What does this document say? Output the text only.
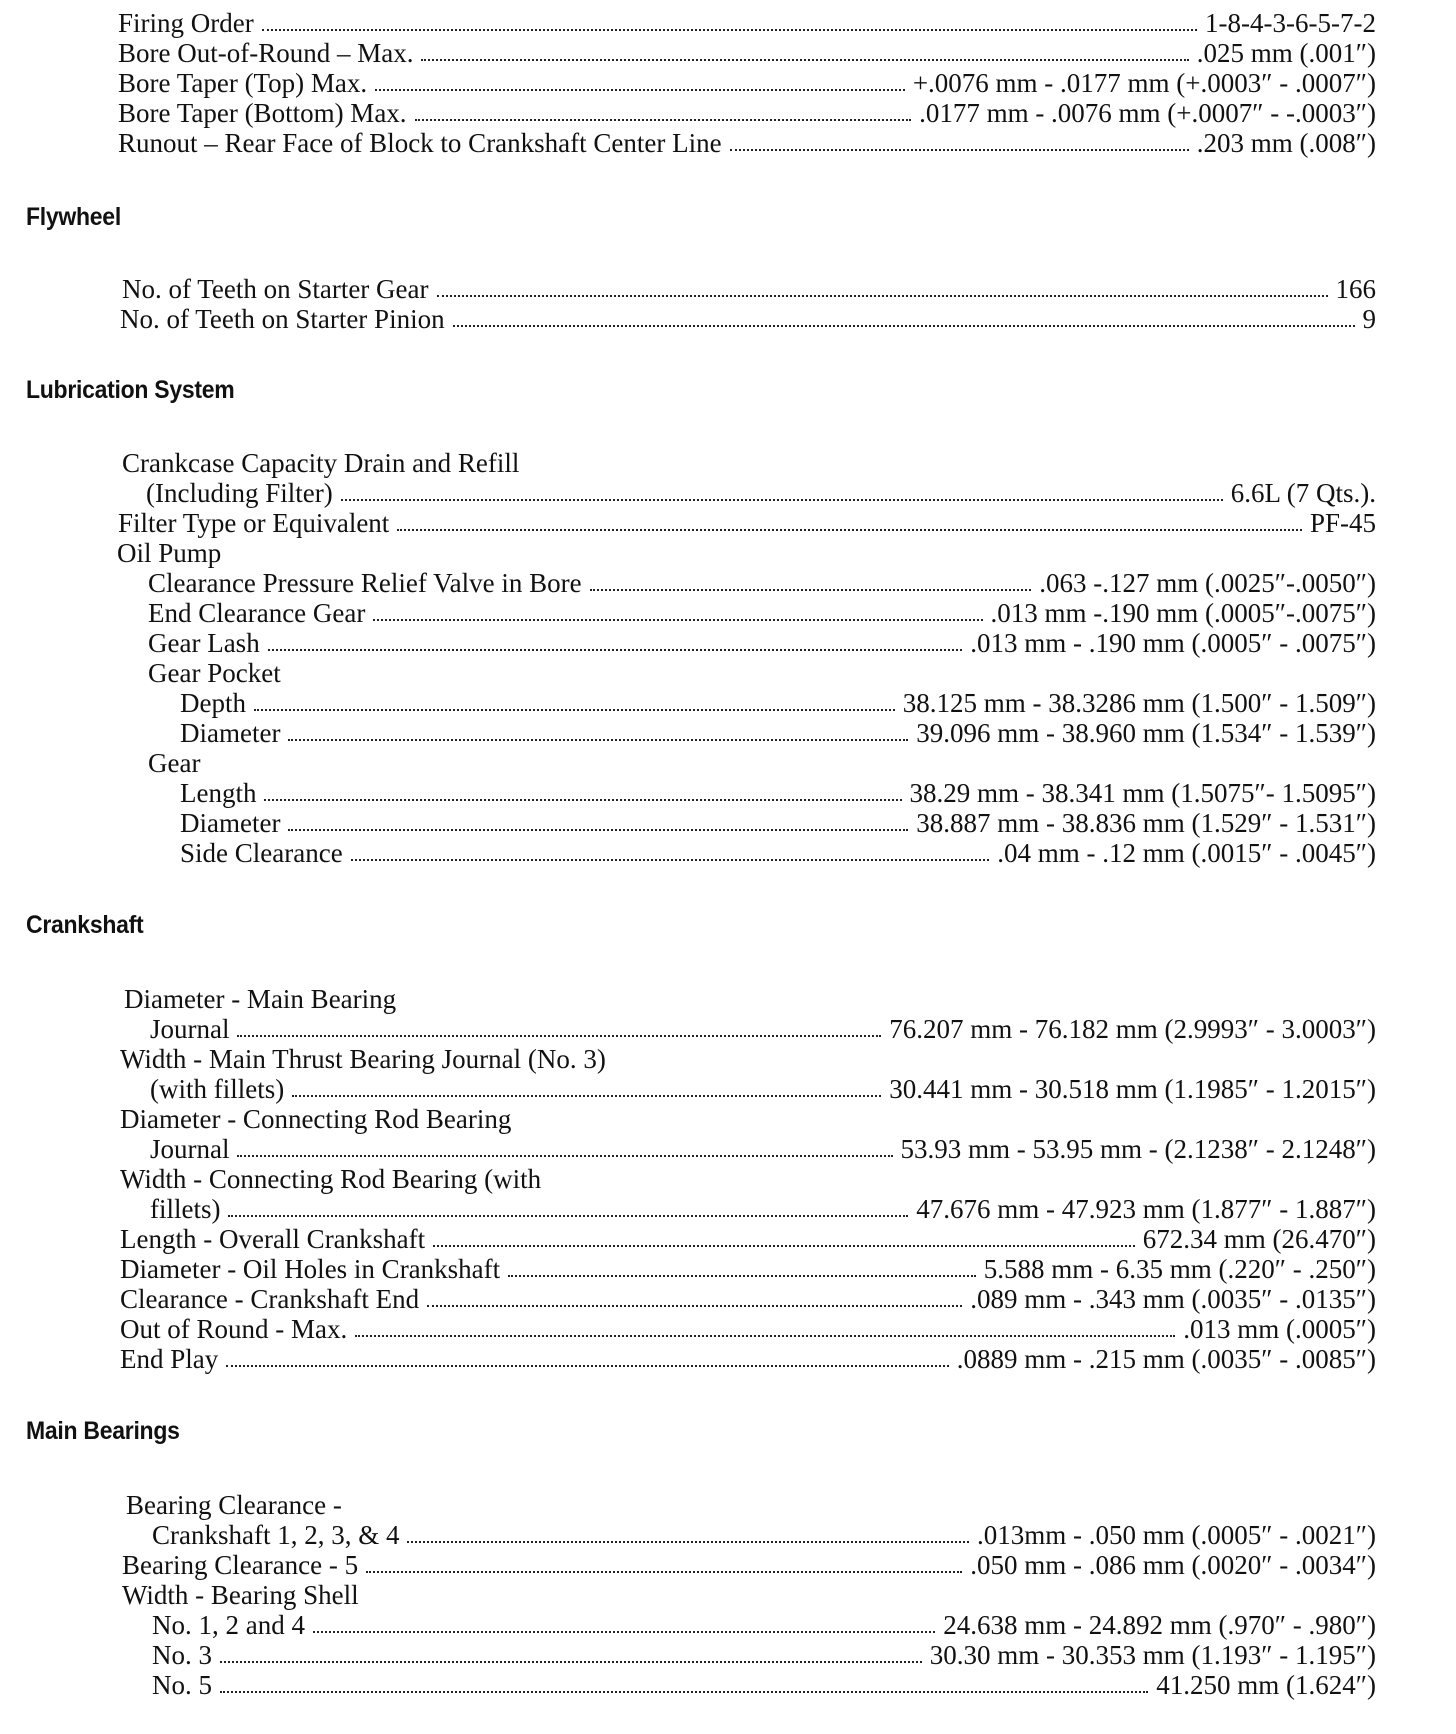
Firing Order	1-8-4-3-6-5-7-2
Bore Out-of-Round – Max.	.025 mm (.001″)
Bore Taper (Top) Max.	+.0076 mm - .0177 mm (+.0003″ - .0007″)
Bore Taper (Bottom) Max.	.0177 mm - .0076 mm (+.0007″ - -.0003″)
Runout – Rear Face of Block to Crankshaft Center Line	.203 mm (.008″)
Flywheel
No. of Teeth on Starter Gear	166
No. of Teeth on Starter Pinion	9
Lubrication System
Crankcase Capacity Drain and Refill
(Including Filter)	6.6L (7 Qts.).
Filter Type or Equivalent	PF-45
Oil Pump
Clearance Pressure Relief Valve in Bore	.063 -.127 mm (.0025″-.0050″)
End Clearance Gear	.013 mm -.190 mm (.0005″-.0075″)
Gear Lash	.013 mm - .190 mm (.0005″ - .0075″)
Gear Pocket
Depth	38.125 mm - 38.3286 mm (1.500″ - 1.509″)
Diameter	39.096 mm - 38.960 mm (1.534″ - 1.539″)
Gear
Length	38.29 mm - 38.341 mm (1.5075″- 1.5095″)
Diameter	38.887 mm - 38.836 mm (1.529″ - 1.531″)
Side Clearance	.04 mm - .12 mm (.0015″ - .0045″)
Crankshaft
Diameter - Main Bearing
Journal	76.207 mm - 76.182 mm (2.9993″ - 3.0003″)
Width - Main Thrust Bearing Journal (No. 3)
(with fillets)	30.441 mm - 30.518 mm (1.1985″ - 1.2015″)
Diameter - Connecting Rod Bearing
Journal	53.93 mm - 53.95 mm - (2.1238″ - 2.1248″)
Width - Connecting Rod Bearing (with
fillets)	47.676 mm - 47.923 mm (1.877″ - 1.887″)
Length - Overall Crankshaft	672.34 mm (26.470″)
Diameter - Oil Holes in Crankshaft	5.588 mm - 6.35 mm (.220″ - .250″)
Clearance - Crankshaft End	.089 mm - .343 mm (.0035″ - .0135″)
Out of Round - Max.	.013 mm (.0005″)
End Play	.0889 mm - .215 mm (.0035″ - .0085″)
Main Bearings
Bearing Clearance -
Crankshaft 1, 2, 3, & 4	.013mm - .050 mm (.0005″ - .0021″)
Bearing Clearance - 5	.050 mm - .086 mm (.0020″ - .0034″)
Width - Bearing Shell
No. 1, 2 and 4	24.638 mm - 24.892 mm (.970″ - .980″)
No. 3	30.30 mm - 30.353 mm (1.193″ - 1.195″)
No. 5	41.250 mm (1.624″)
